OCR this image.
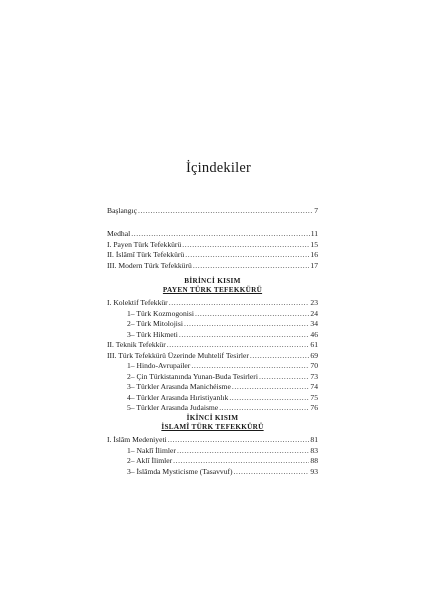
İçindekiler
Başlangıç .....	7
Medhal .....	11
I. Payen Türk Tefekkürü .....	15
II. İslâmî Türk Tefekkürü .....	16
III. Modern Türk Tefekkürü .....	17
BİRİNCİ KISIM
PAYEN TÜRK TEFEKKÜRÜ
I. Kolektif Tefekkür .....	23
1– Türk Kozmogonisi .....	24
2– Türk Mitolojisi .....	34
3– Türk Hikmeti .....	46
II. Teknik Tefekkür .....	61
III. Türk Tefekkürü Üzerinde Muhtelif Tesirler .....	69
1– Hindo-Avrupailer .....	70
2– Çin Türkistanında Yunan-Buda Tesirleri .....	73
3– Türkler Arasında Manichéisme .....	74
4– Türkler Arasında Hıristiyanlık .....	75
5– Türkler Arasında Judaisme .....	76
İKİNCİ KISIM
İSLAMÎ TÜRK TEFEKKÜRÜ
I. İslâm Medeniyeti .....	81
1– Naklî İlimler .....	83
2– Aklî İlimler .....	88
3– İslâmda Mysticisme (Tasavvuf) .....	93
